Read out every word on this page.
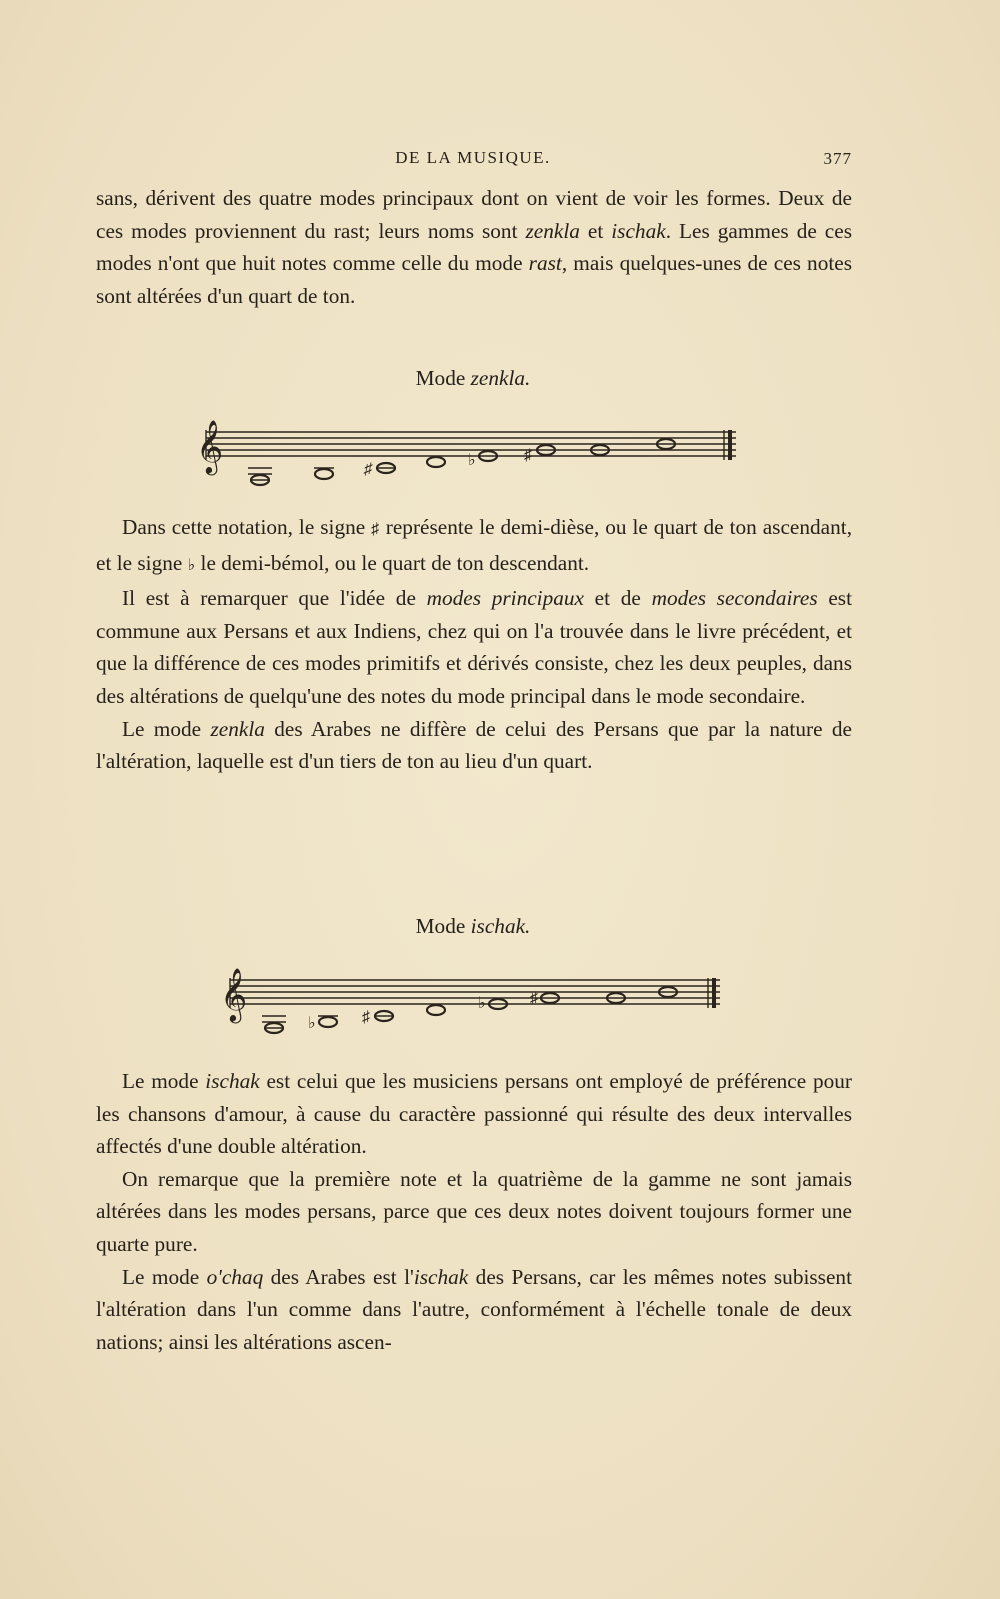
DE LA MUSIQUE.	377

sans, dérivent des quatre modes principaux dont on vient de voir les formes. Deux de ces modes proviennent du rast; leurs noms sont zenkla et ischak. Les gammes de ces modes n'ont que huit notes comme celle du mode rast, mais quelques-unes de ces notes sont altérées d'un quart de ton.

Mode zenkla.
𝄞	♯
♭	♯

Dans cette notation, le signe ♯ représente le demi-dièse, ou le quart de ton ascendant, et le signe ♭ le demi-bémol, ou le quart de ton descendant.

Il est à remarquer que l'idée de modes principaux et de modes secondaires est commune aux Persans et aux Indiens, chez qui on l'a trouvée dans le livre précédent, et que la différence de ces modes primitifs et dérivés consiste, chez les deux peuples, dans des altérations de quelqu'une des notes du mode principal dans le mode secondaire.

Le mode zenkla des Arabes ne diffère de celui des Persans que par la nature de l'altération, laquelle est d'un tiers de ton au lieu d'un quart.

Mode ischak.
𝄞
♭	♯
♭	♯

Le mode ischak est celui que les musiciens persans ont employé de préférence pour les chansons d'amour, à cause du caractère passionné qui résulte des deux intervalles affectés d'une double altération.

On remarque que la première note et la quatrième de la gamme ne sont jamais altérées dans les modes persans, parce que ces deux notes doivent toujours former une quarte pure.

Le mode o'chaq des Arabes est l'ischak des Persans, car les mêmes notes subissent l'altération dans l'un comme dans l'autre, conformément à l'échelle tonale de deux nations; ainsi les altérations ascen-
